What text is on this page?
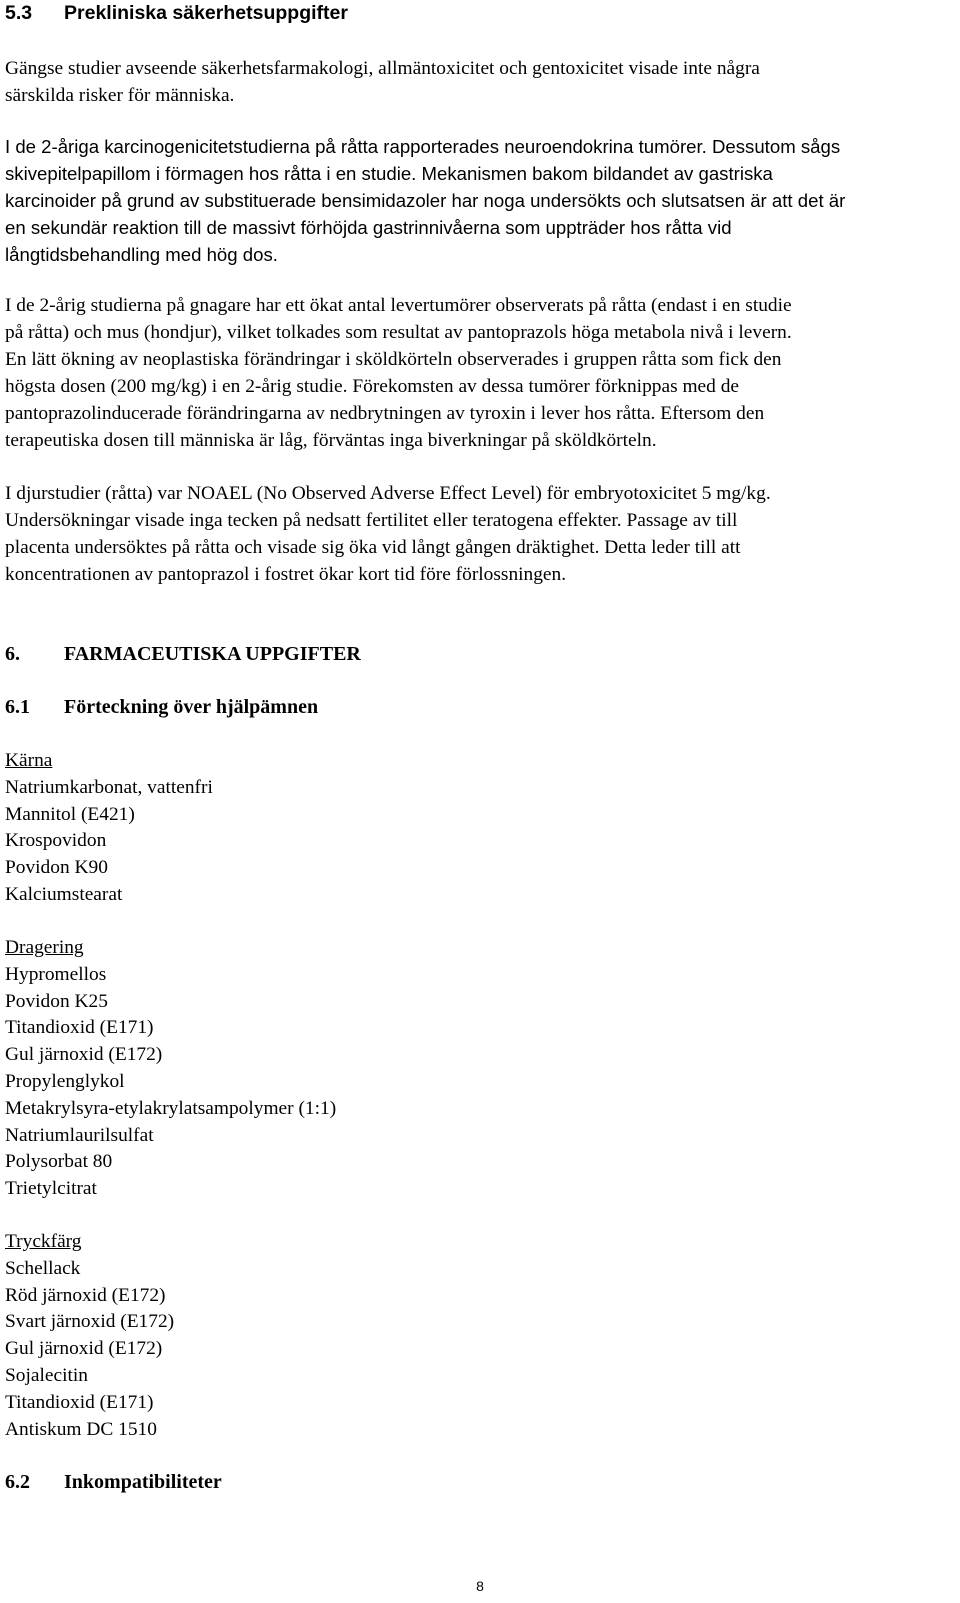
5.3 Prekliniska säkerhetsuppgifter
Gängse studier avseende säkerhetsfarmakologi, allmäntoxicitet och gentoxicitet visade inte några
särskilda risker för människa.
I de 2-åriga karcinogenicitetstudierna på råtta rapporterades neuroendokrina tumörer. Dessutom sågs
skivepitelpapillom i förmagen hos råtta i en studie. Mekanismen bakom bildandet av gastriska
karcinoider på grund av substituerade bensimidazoler har noga undersökts och slutsatsen är att det är
en sekundär reaktion till de massivt förhöjda gastrinnivåerna som uppträder hos råtta vid
långtidsbehandling med hög dos.
I de 2-årig studierna på gnagare har ett ökat antal levertumörer observerats på råtta (endast i en studie
på råtta) och mus (hondjur), vilket tolkades som resultat av pantoprazols höga metabola nivå i levern.
En lätt ökning av neoplastiska förändringar i sköldkörteln observerades i gruppen råtta som fick den
högsta dosen (200 mg/kg) i en 2-årig studie. Förekomsten av dessa tumörer förknippas med de
pantoprazolinducerade förändringarna av nedbrytningen av tyroxin i lever hos råtta. Eftersom den
terapeutiska dosen till människa är låg, förväntas inga biverkningar på sköldkörteln.
I djurstudier (råtta) var NOAEL (No Observed Adverse Effect Level) för embryotoxicitet 5 mg/kg.
Undersökningar visade inga tecken på nedsatt fertilitet eller teratogena effekter. Passage av till
placenta undersöktes på råtta och visade sig öka vid långt gången dräktighet. Detta leder till att
koncentrationen av pantoprazol i fostret ökar kort tid före förlossningen.
6. FARMACEUTISKA UPPGIFTER
6.1 Förteckning över hjälpämnen
Kärna
Natriumkarbonat, vattenfri
Mannitol (E421)
Krospovidon
Povidon K90
Kalciumstearat
Dragering
Hypromellos
Povidon K25
Titandioxid (E171)
Gul järnoxid (E172)
Propylenglykol
Metakrylsyra-etylakrylatsampolymer (1:1)
Natriumlaurilsulfat
Polysorbat 80
Trietylcitrat
Tryckfärg
Schellack
Röd järnoxid (E172)
Svart järnoxid (E172)
Gul järnoxid (E172)
Sojalecitin
Titandioxid (E171)
Antiskum DC 1510
6.2 Inkompatibiliteter
8
